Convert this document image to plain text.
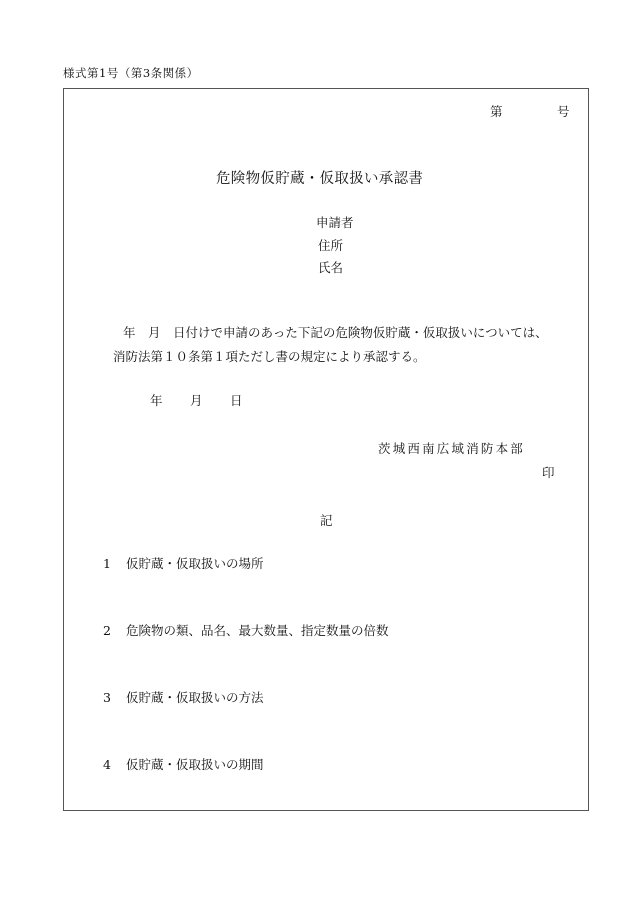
様式第1号（第3条関係）
第	号
危険物仮貯蔵・仮取扱い承認書
申請者
住所
氏名
年　月　日付けで申請のあった下記の危険物仮貯蔵・仮取扱いについては、
消防法第１０条第１項ただし書の規定により承認する。
年 月 日
茨城西南広域消防本部
印
記
1 仮貯蔵・仮取扱いの場所
2 危険物の類、品名、最大数量、指定数量の倍数
3 仮貯蔵・仮取扱いの方法
4 仮貯蔵・仮取扱いの期間
